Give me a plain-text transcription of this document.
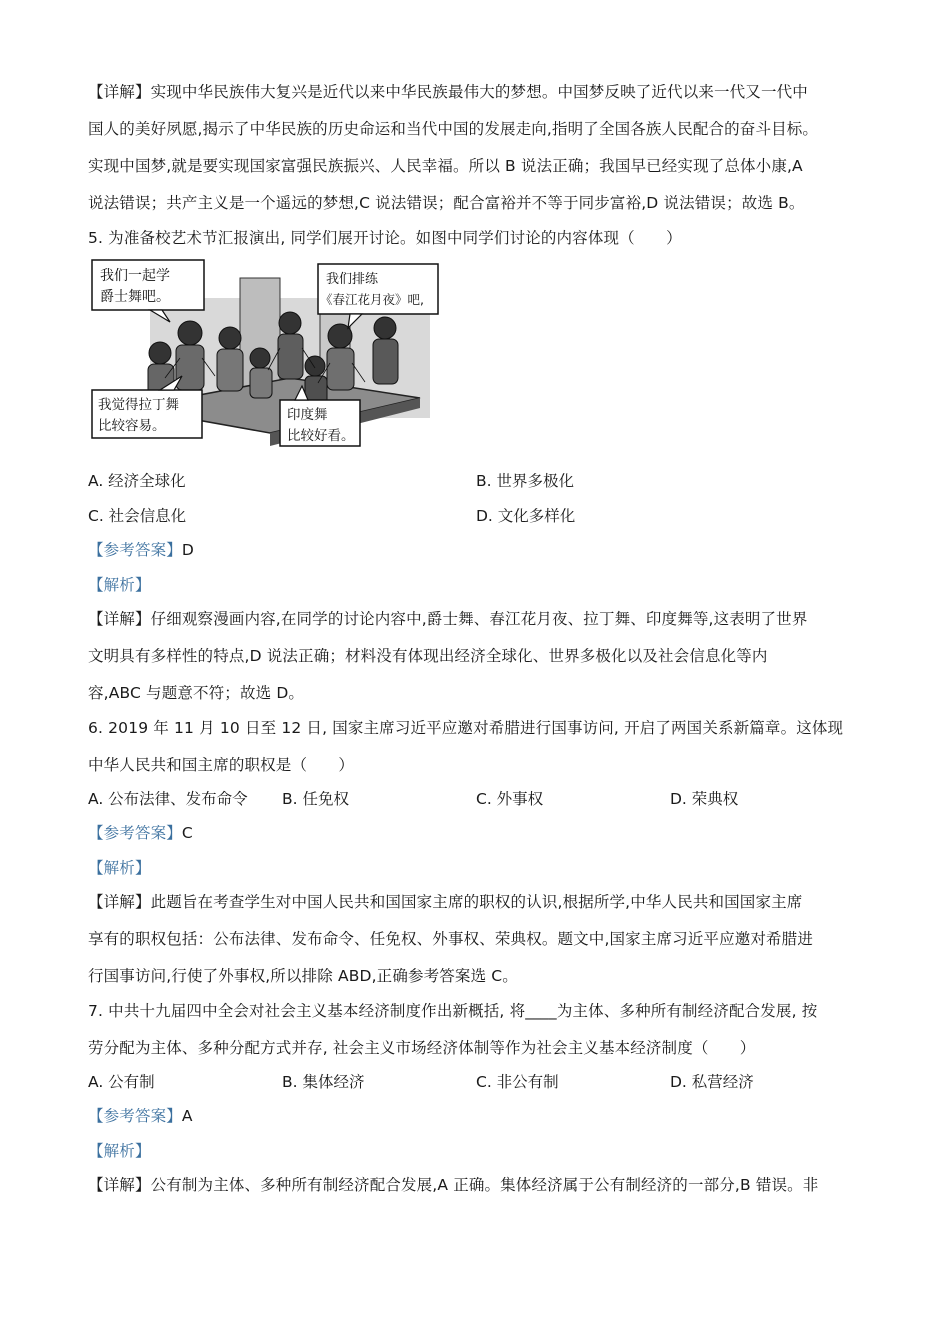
【详解】实现中华民族伟大复兴是近代以来中华民族最伟大的梦想。中国梦反映了近代以来一代又一代中
国人的美好夙愿,揭示了中华民族的历史命运和当代中国的发展走向,指明了全国各族人民配合的奋斗目标。
实现中国梦,就是要实现国家富强民族振兴、人民幸福。所以 B 说法正确；我国早已经实现了总体小康,A
说法错误；共产主义是一个遥远的梦想,C 说法错误；配合富裕并不等于同步富裕,D 说法错误；故选 B。
5. 为准备校艺术节汇报演出, 同学们展开讨论。如图中同学们讨论的内容体现（　　）
我们一起学
爵士舞吧。
我们排练
《春江花月夜》吧,
我觉得拉丁舞
比较容易。
印度舞
比较好看。
A. 经济全球化	B. 世界多极化
C. 社会信息化	D. 文化多样化
【参考答案】D
【解析】
【详解】仔细观察漫画内容,在同学的讨论内容中,爵士舞、春江花月夜、拉丁舞、印度舞等,这表明了世界
文明具有多样性的特点,D 说法正确；材料没有体现出经济全球化、世界多极化以及社会信息化等内
容,ABC 与题意不符；故选 D。
6. 2019 年 11 月 10 日至 12 日, 国家主席习近平应邀对希腊进行国事访问, 开启了两国关系新篇章。这体现
中华人民共和国主席的职权是（　　）
A. 公布法律、发布命令 B. 任免权	C. 外事权	D. 荣典权
【参考答案】C
【解析】
【详解】此题旨在考查学生对中国人民共和国国家主席的职权的认识,根据所学,中华人民共和国国家主席
享有的职权包括：公布法律、发布命令、任免权、外事权、荣典权。题文中,国家主席习近平应邀对希腊进
行国事访问,行使了外事权,所以排除 ABD,正确参考答案选 C。
7. 中共十九届四中全会对社会主义基本经济制度作出新概括, 将____为主体、多种所有制经济配合发展, 按
劳分配为主体、多种分配方式并存, 社会主义市场经济体制等作为社会主义基本经济制度（　　）
A. 公有制	B. 集体经济	C. 非公有制	D. 私营经济
【参考答案】A
【解析】
【详解】公有制为主体、多种所有制经济配合发展,A 正确。集体经济属于公有制经济的一部分,B 错误。非
